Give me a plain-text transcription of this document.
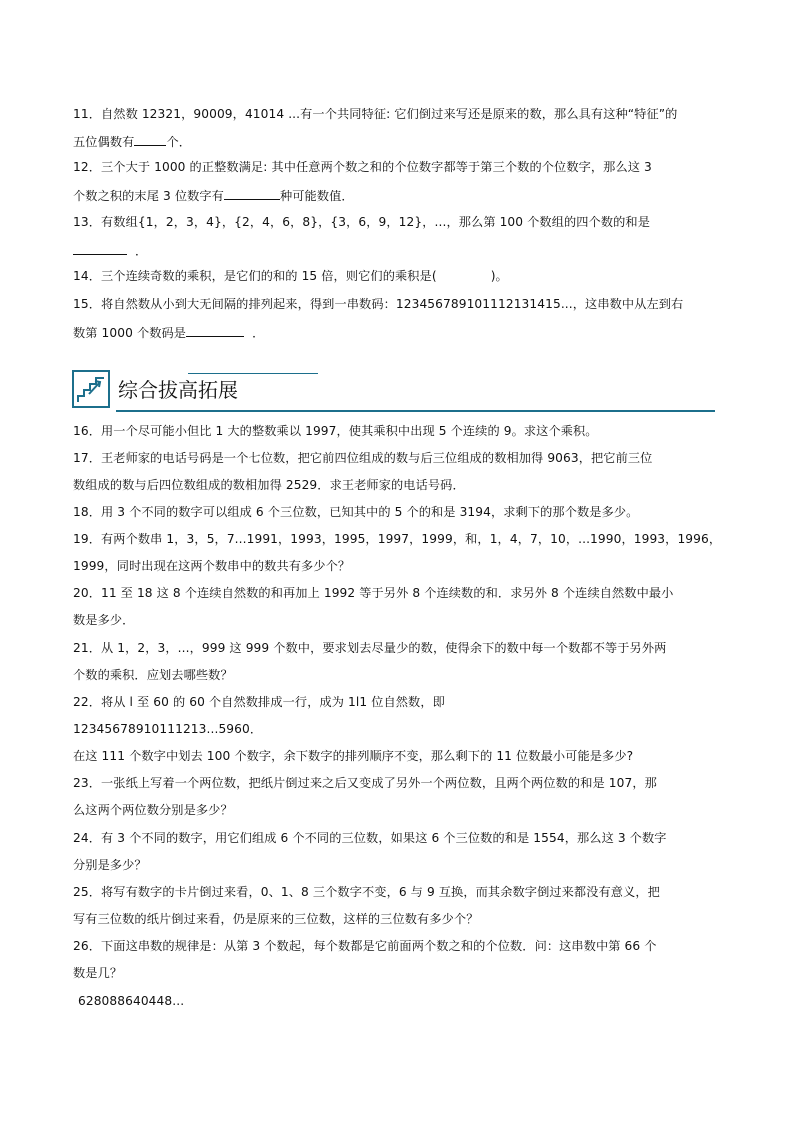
11．自然数 12321，90009，41014 ...有一个共同特征: 它们倒过来写还是原来的数，那么具有这种“特征”的
五位偶数有	个．
12．三个大于 1000 的正整数满足: 其中任意两个数之和的个位数字都等于第三个数的个位数字，那么这 3
个数之积的末尾 3 位数字有	种可能数值．
13．有数组{1，2，3，4}，{2，4，6，8}，{3，6，9，12}，...，那么第 100 个数组的四个数的和是
．
14．三个连续奇数的乘积，是它们的和的 15 倍，则它们的乘积是(	)。
15．将自然数从小到大无间隔的排列起来，得到一串数码：123456789101112131415...，这串数中从左到右
数第 1000 个数码是	．
综合拔高拓展
16．用一个尽可能小但比 1 大的整数乘以 1997，使其乘积中出现 5 个连续的 9。求这个乘积。
17．王老师家的电话号码是一个七位数，把它前四位组成的数与后三位组成的数相加得 9063，把它前三位
数组成的数与后四位数组成的数相加得 2529．求王老师家的电话号码．
18．用 3 个不同的数字可以组成 6 个三位数，已知其中的 5 个的和是 3194，求剩下的那个数是多少。
19．有两个数串 1，3，5，7...1991，1993，1995，1997，1999，和，1，4，7，10，...1990，1993，1996，
1999，同时出现在这两个数串中的数共有多少个？
20．11 至 18 这 8 个连续自然数的和再加上 1992 等于另外 8 个连续数的和．求另外 8 个连续自然数中最小
数是多少．
21．从 1，2，3，...，999 这 999 个数中，要求划去尽量少的数，使得余下的数中每一个数都不等于另外两
个数的乘积．应划去哪些数？
22．将从 l 至 60 的 60 个自然数排成一行，成为 1l1 位自然数，即
12345678910111213...5960．
在这 111 个数字中划去 100 个数字，余下数字的排列顺序不变，那么剩下的 11 位数最小可能是多少?
23．一张纸上写着一个两位数，把纸片倒过来之后又变成了另外一个两位数，且两个两位数的和是 107，那
么这两个两位数分别是多少？
24．有 3 个不同的数字，用它们组成 6 个不同的三位数，如果这 6 个三位数的和是 1554，那么这 3 个数字
分别是多少？
25．将写有数字的卡片倒过来看，0、1、8 三个数字不变，6 与 9 互换，而其余数字倒过来都没有意义，把
写有三位数的纸片倒过来看，仍是原来的三位数，这样的三位数有多少个？
26．下面这串数的规律是：从第 3 个数起，每个数都是它前面两个数之和的个位数．问：这串数中第 66 个
数是几？
628088640448...
